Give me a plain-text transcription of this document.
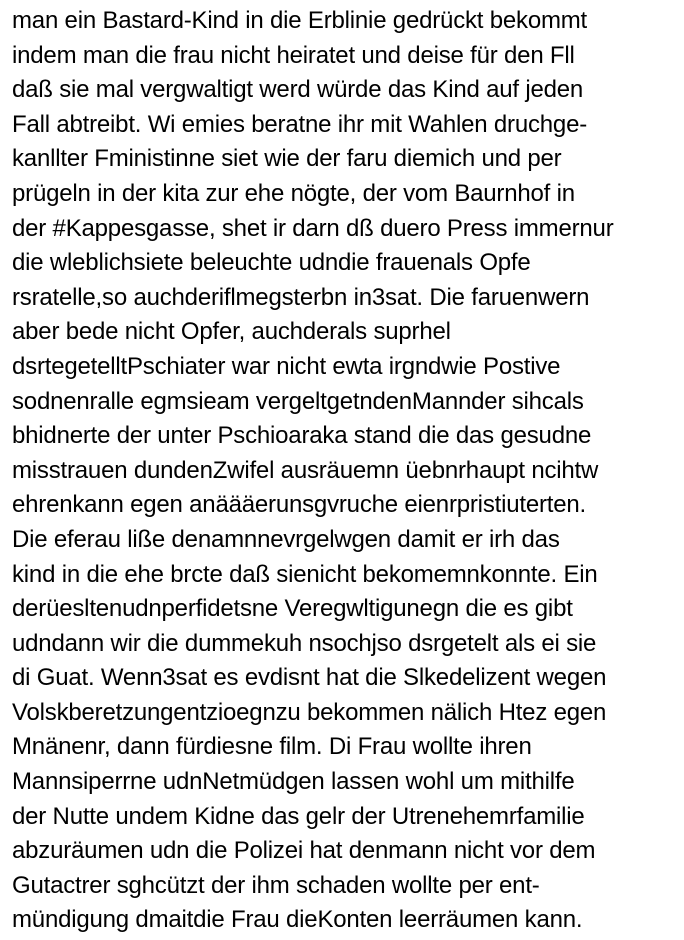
man ein Bastard-Kind in die Erblinie gedrückt bekommt
indem man die frau nicht heiratet und deise für den Fll
daß sie mal vergwaltigt werd würde das Kind auf jeden
Fall abtreibt. Wi emies beratne ihr mit Wahlen druchge-
kanllter Fministinne siet wie der faru diemich und per
prügeln in der kita zur ehe nögte, der vom Baurnhof in
der #Kappesgasse, shet ir darn dß duero Press immernur
die wleblichsiete beleuchte udndie frauenals Opfe
rsratelle,so auchderiflmegsterbn in3sat. Die faruenwern
aber bede nicht Opfer, auchderals suprhel
dsrtegetelltPschiater war nicht ewta irgndwie Postive
sodnenralle egmsieam vergeltgetndenMannder sihcals
bhidnerte der unter Pschioaraka stand die das gesudne
misstrauen dundenZwifel ausräuemn üebnrhaupt ncihtw
ehrenkann egen anäääerunsgvruche eienrpristiuterten.
Die eferau lißе denamnnevrgelwgen damit er irh das
kind in die ehe brcte daß sienicht bekomemnkonnte. Ein
derüesltenudnperfidetsne Veregwltigunegn die es gibt
udndann wir die dummekuh nsochjso dsrgetelt als ei sie
di Guat. Wenn3sat es evdisnt hat die Slkedelizent wegen
Volskberetzungentzioegnzu bekommen nälich Htez egen
Mnänenr, dann fürdiesne film. Di Frau wollte ihren
Mannsiperrne udnNetmüdgen lassen wohl um mithilfe
der Nutte undem Kidne das gelr der Utrenehemrfamilie
abzuräumen udn die Polizei hat denmann nicht vor dem
Gutactrer sghcützt der ihm schaden wollte per ent-
mündigung dmaitdie Frau dieKonten leerräumen kann.
